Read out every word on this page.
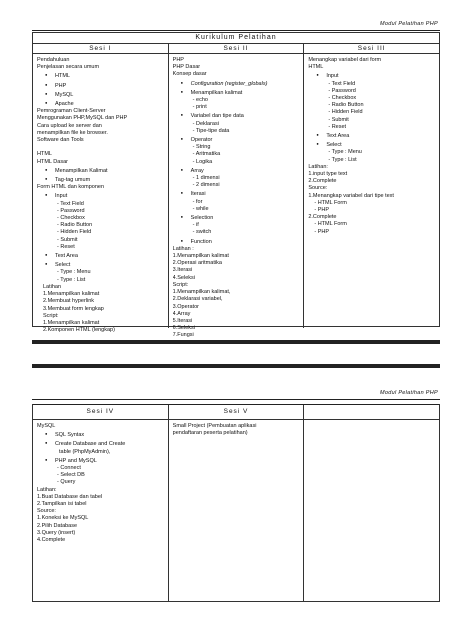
Modul Pelatihan PHP
Kurikulum Pelatihan
Sesi I
Pendahuluan
Penjelasan secara umum
● HTML
● PHP
● MySQL
● Apache
Pemrograman Client-Server
Menggunakan PHP,MySQL dan PHP
Cara upload ke server dan
menampilkan file ke browser.
Software dan Tools

HTML
HTML Dasar
● Menampilkan Kalimat
● Tag-tag umum
Form HTML dan komponen
● Input
- Text Field
- Password
- Checkbox
- Radio Button
- Hidden Field
- Submit
- Reset
● Text Area
● Select
- Type : Menu
- Type : List
Latihan
1.Menampilkan kalimat
2.Membuat hyperlink
3.Membuat form lengkap
Script:
1.Menampilkan kalimat
2.Komponen HTML (lengkap)
Sesi II
PHP
PHP Dasar
Konsep dasar
● Configuration (register_globals)
● Menampilkan kalimat
- echo
- print
● Variabel dan tipe data
- Deklarasi
- Tipe-tipe data
● Operator
- String
- Aritmatika
- Logika
● Array
- 1 dimensi
- 2 dimensi
● Iterasi
- for
- while
● Selection
- if
- switch
● Function
Latihan :
1.Menampilkan kalimat
2.Operasi aritmatika
3.Iterasi
4.Seleksi
Script:
1.Menampilkan kalimat,
2.Deklarasi variabel,
3.Operator
4.Array
5.Iterasi
6.Seleksi
7.Fungsi
Sesi III
Menangkap variabel dari form
HTML
● Input
- Text Field
- Password
- Checkbox
- Radio Button
- Hidden Field
- Submit
- Reset
● Text Area
● Select
- Type : Menu
- Type : List
Latihan:
1.input type text
2.Complete
Source:
1.Menangkap variabel dari tipe text
- HTML Form
- PHP
2.Complete
- HTML Form
- PHP
Modul Pelatihan PHP
Sesi IV
MySQL
● SQL Syntax
● Create Database and Create
table (PhpMyAdmin),
● PHP and MySQL
- Connect
- Select DB
- Query
Latihan:
1.Buat Database dan tabel
2.Tampilkan isi tabel
Source:
1.Koneksi ke MySQL
2.Pilih Database
3.Query (insert)
4.Complete
Sesi V
Small Project (Pembuatan aplikasi
pendaftaran peserta pelatihan)
